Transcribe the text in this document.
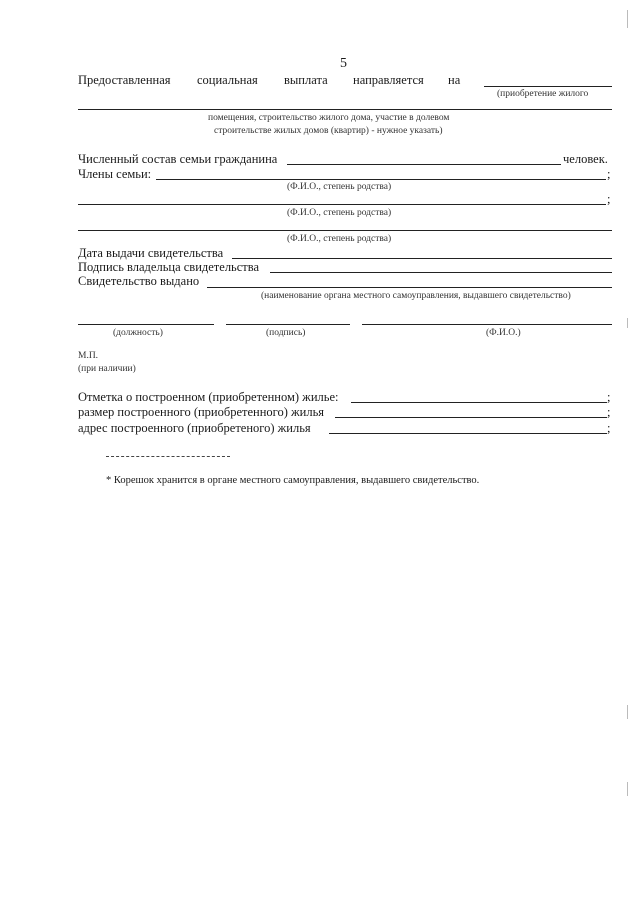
5
Предоставленная социальная выплата направляется на
(приобретение жилого
помещения, строительство жилого дома, участие в долевом
строительстве жилых домов (квартир) - нужное указать)
Численный состав семьи гражданина	человек.
Члены семьи:	;
(Ф.И.О., степень родства)
;
(Ф.И.О., степень родства)
(Ф.И.О., степень родства)
Дата выдачи свидетельства
Подпись владельца свидетельства
Свидетельство выдано
(наименование органа местного самоуправления, выдавшего свидетельство)
(должность)	(подпись)	(Ф.И.О.)
М.П.
(при наличии)
Отметка о построенном (приобретенном) жилье:	;
размер построенного (приобретенного) жилья	;
адрес построенного (приобретеного) жилья	;
* Корешок хранится в органе местного самоуправления, выдавшего свидетельство.
